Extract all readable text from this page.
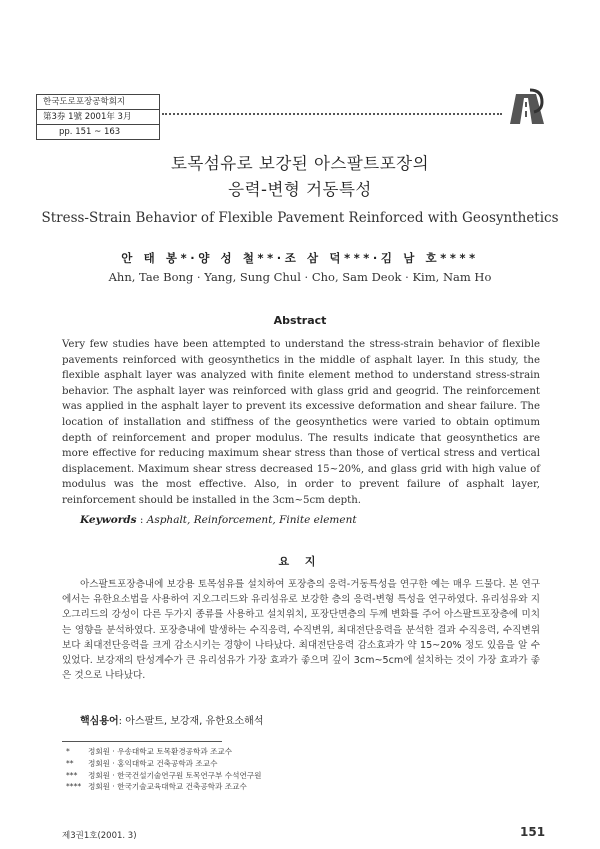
한국도로포장공학회지
第3券 1號 2001年 3月
pp. 151 ~ 163
토목섬유로 보강된 아스팔트포장의
응력-변형 거동특성
Stress-Strain Behavior of Flexible Pavement Reinforced with Geosynthetics
안 태 봉*·양 성 철**·조 삼 덕***·김 남 호****
Ahn, Tae Bong · Yang, Sung Chul · Cho, Sam Deok · Kim, Nam Ho
Abstract

Very few studies have been attempted to understand the stress-strain behavior of flexible pavements reinforced with geosynthetics in the middle of asphalt layer. In this study, the flexible asphalt layer was analyzed with finite element method to understand stress-strain behavior. The asphalt layer was reinforced with glass grid and geogrid. The reinforcement was applied in the asphalt layer to prevent its excessive deformation and shear failure. The location of installation and stiffness of the geosynthetics were varied to obtain optimum depth of reinforcement and proper modulus. The results indicate that geosynthetics are more effective for reducing maximum shear stress than those of vertical stress and vertical displacement. Maximum shear stress decreased 15~20%, and glass grid with high value of modulus was the most effective. Also, in order to prevent failure of asphalt layer, reinforcement should be installed in the 3cm~5cm depth.

Keywords : Asphalt, Reinforcement, Finite element
요 지

아스팔트포장층내에 보강용 토목섬유를 설치하여 포장층의 응력-거동특성을 연구한 예는 매우 드물다. 본 연구에서는 유한요소법을 사용하여 지오그리드와 유리섬유로 보강한 층의 응력-변형 특성을 연구하였다. 유리섬유와 지오그리드의 강성이 다른 두가지 종류를 사용하고 설치위치, 포장단면층의 두께 변화를 주어 아스팔트포장층에 미치는 영향을 분석하였다. 포장층내에 발생하는 수직응력, 수직변위, 최대전단응력을 분석한 결과 수직응력, 수직변위보다 최대전단응력을 크게 감소시키는 경향이 나타났다. 최대전단응력 감소효과가 약 15~20% 정도 있음을 알 수 있었다. 보강재의 탄성계수가 큰 유리섬유가 가장 효과가 좋으며 깊이 3cm~5cm에 설치하는 것이 가장 효과가 좋은 것으로 나타났다.

핵심용어: 아스팔트, 보강재, 유한요소해석
* 정회원 · 우송대학교 토목환경공학과 조교수
** 정회원 · 홍익대학교 건축공학과 조교수
*** 정회원 · 한국건설기술연구원 토목연구부 수석연구원
**** 정회원 · 한국기술교육대학교 건축공학과 조교수
제3권1호(2001. 3)	151
